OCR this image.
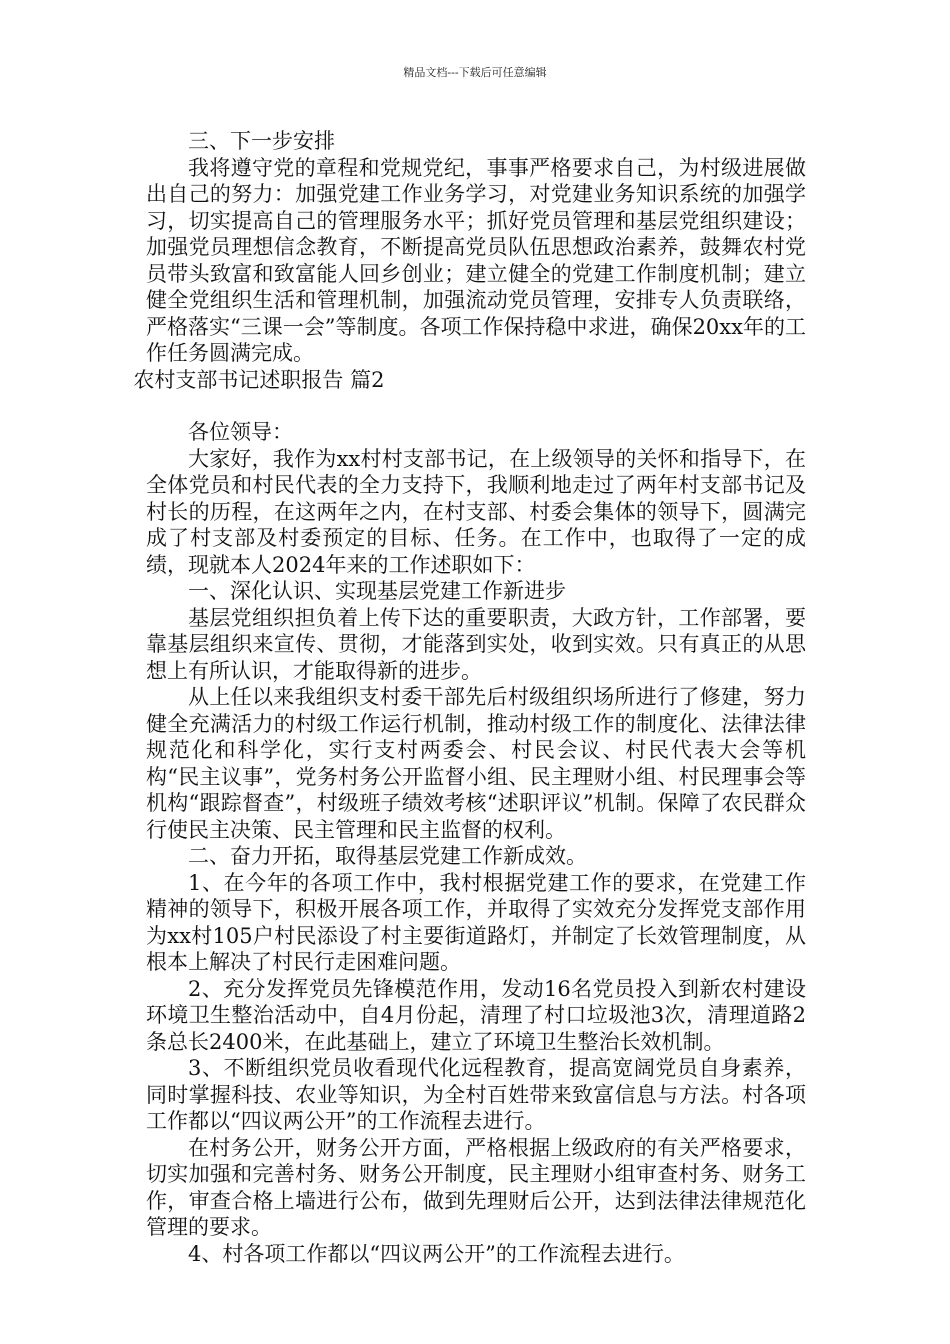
精品文档---下载后可任意编辑

三、下一步安排

我将遵守党的章程和党规党纪，事事严格要求自己，为村级进展做出自己的努力：加强党建工作业务学习，对党建业务知识系统的加强学习，切实提高自己的管理服务水平；抓好党员管理和基层党组织建设；加强党员理想信念教育，不断提高党员队伍思想政治素养，鼓舞农村党员带头致富和致富能人回乡创业；建立健全的党建工作制度机制；建立健全党组织生活和管理机制，加强流动党员管理，安排专人负责联络，严格落实“三课一会”等制度。各项工作保持稳中求进，确保20xx年的工作任务圆满完成。

农村支部书记述职报告 篇2

各位领导：

大家好，我作为xx村村支部书记，在上级领导的关怀和指导下，在全体党员和村民代表的全力支持下，我顺利地走过了两年村支部书记及村长的历程，在这两年之内，在村支部、村委会集体的领导下，圆满完成了村支部及村委预定的目标、任务。在工作中，也取得了一定的成绩，现就本人2024年来的工作述职如下：

一、深化认识、实现基层党建工作新进步

基层党组织担负着上传下达的重要职责，大政方针，工作部署，要靠基层组织来宣传、贯彻，才能落到实处，收到实效。只有真正的从思想上有所认识，才能取得新的进步。

从上任以来我组织支村委干部先后村级组织场所进行了修建，努力健全充满活力的村级工作运行机制，推动村级工作的制度化、法律法律规范化和科学化，实行支村两委会、村民会议、村民代表大会等机构“民主议事”，党务村务公开监督小组、民主理财小组、村民理事会等机构“跟踪督查”，村级班子绩效考核“述职评议”机制。保障了农民群众行使民主决策、民主管理和民主监督的权利。

二、奋力开拓，取得基层党建工作新成效。

1、在今年的各项工作中，我村根据党建工作的要求，在党建工作精神的领导下，积极开展各项工作，并取得了实效充分发挥党支部作用为xx村105户村民添设了村主要街道路灯，并制定了长效管理制度，从根本上解决了村民行走困难问题。

2、充分发挥党员先锋模范作用，发动16名党员投入到新农村建设环境卫生整治活动中，自4月份起，清理了村口垃圾池3次，清理道路2条总长2400米，在此基础上，建立了环境卫生整治长效机制。

3、不断组织党员收看现代化远程教育，提高宽阔党员自身素养，同时掌握科技、农业等知识，为全村百姓带来致富信息与方法。村各项工作都以“四议两公开”的工作流程去进行。

在村务公开，财务公开方面，严格根据上级政府的有关严格要求，切实加强和完善村务、财务公开制度，民主理财小组审查村务、财务工作，审查合格上墙进行公布，做到先理财后公开，达到法律法律规范化管理的要求。

4、村各项工作都以“四议两公开”的工作流程去进行。
